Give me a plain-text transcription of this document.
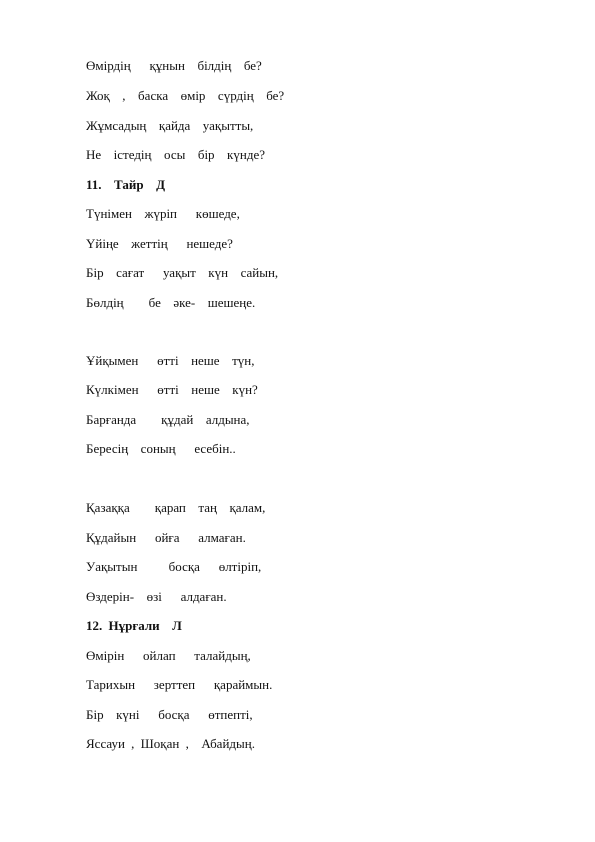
Өмірдің   құнын  білдің  бе?
Жоқ  ,  баска  өмір  сүрдің  бе?
Жұмсадың  қайда  уақытты,
Не  істедің  осы  бір  күнде?
11.  Тайр  Д
Түнімен  жүріп   көшеде,
Үйіңе  жеттің   нешеде?
Бір  сағат   уақыт  күн  сайын,
Бөлдің    бе  әке-  шешеңе.
Ұйқымен   өтті  неше  түн,
Күлкімен   өтті  неше  күн?
Барғанда    құдай  алдына,
Бересің  соның   есебін..
Қазаққа    қарап  таң  қалам,
Құдайын   ойға   алмаған.
Уақытын     босқа   өлтіріп,
Өздерін-  өзі   алдаған.
12. Нұрғали  Л
Өмірін   ойлап   талайдың,
Тарихын   зерттеп   қараймын.
Бір  күні   босқа   өтпепті,
Яссауи , Шоқан ,  Абайдың.
